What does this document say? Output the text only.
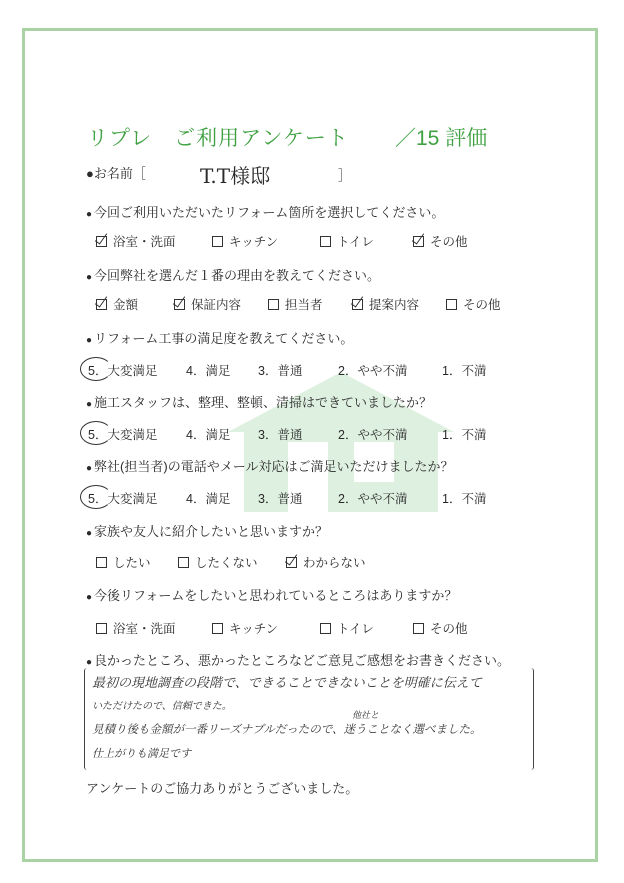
リプレ　ご利用アンケート ／15 評価
●お名前［	T.T様邸	］
● 今回ご利用いただいたリフォーム箇所を選択してください。
浴室・洗面	キッチン	トイレ	その他
● 今回弊社を選んだ１番の理由を教えてください。
金額	保証内容	担当者	提案内容	その他
● リフォーム工事の満足度を教えてください。
5．大変満足 4．満足 3．普通	2．やや不満	1．不満
● 施工スタッフは、整理、整頓、清掃はできていましたか？
5．大変満足 4．満足 3．普通	2．やや不満	1．不満
● 弊社(担当者)の電話やメール対応はご満足いただけましたか？
5．大変満足 4．満足 3．普通	2．やや不満	1．不満
● 家族や友人に紹介したいと思いますか？
したい	したくない	わからない
● 今後リフォームをしたいと思われているところはありますか？
浴室・洗面	キッチン	トイレ	その他
● 良かったところ、悪かったところなどご意見ご感想をお書きください。
最初の現地調査の段階で、できることできないことを明確に伝えて
いただけたので、信頼できた。
他社と
見積り後も金額が一番リーズナブルだったので、迷うことなく選べました。
仕上がりも満足です
アンケートのご協力ありがとうございました。
